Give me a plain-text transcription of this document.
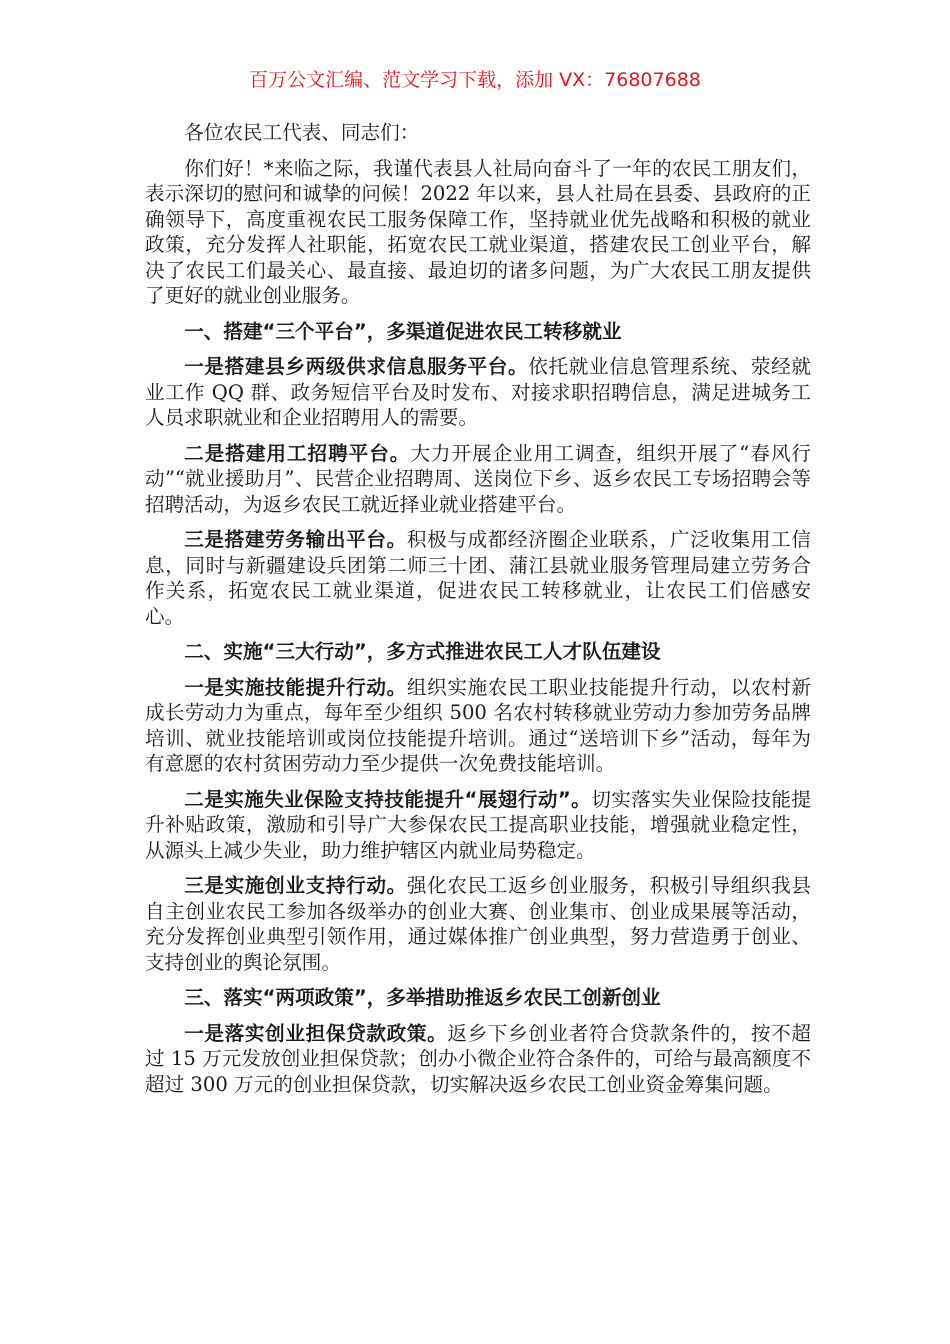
百万公文汇编、范文学习下载，添加 VX：76807688

各位农民工代表、同志们：

你们好！*来临之际，我谨代表县人社局向奋斗了一年的农民工朋友们，表示深切的慰问和诚挚的问候！2022 年以来，县人社局在县委、县政府的正确领导下，高度重视农民工服务保障工作，坚持就业优先战略和积极的就业政策，充分发挥人社职能，拓宽农民工就业渠道，搭建农民工创业平台，解决了农民工们最关心、最直接、最迫切的诸多问题，为广大农民工朋友提供了更好的就业创业服务。

一、搭建“三个平台”，多渠道促进农民工转移就业

一是搭建县乡两级供求信息服务平台。依托就业信息管理系统、荥经就业工作 QQ 群、政务短信平台及时发布、对接求职招聘信息，满足进城务工人员求职就业和企业招聘用人的需要。

二是搭建用工招聘平台。大力开展企业用工调查，组织开展了“春风行动”“就业援助月”、民营企业招聘周、送岗位下乡、返乡农民工专场招聘会等招聘活动，为返乡农民工就近择业就业搭建平台。

三是搭建劳务输出平台。积极与成都经济圈企业联系，广泛收集用工信息，同时与新疆建设兵团第二师三十团、蒲江县就业服务管理局建立劳务合作关系，拓宽农民工就业渠道，促进农民工转移就业，让农民工们倍感安心。

二、实施“三大行动”，多方式推进农民工人才队伍建设

一是实施技能提升行动。组织实施农民工职业技能提升行动，以农村新成长劳动力为重点，每年至少组织 500 名农村转移就业劳动力参加劳务品牌培训、就业技能培训或岗位技能提升培训。通过“送培训下乡”活动，每年为有意愿的农村贫困劳动力至少提供一次免费技能培训。

二是实施失业保险支持技能提升“展翅行动”。切实落实失业保险技能提升补贴政策，激励和引导广大参保农民工提高职业技能，增强就业稳定性，从源头上减少失业，助力维护辖区内就业局势稳定。

三是实施创业支持行动。强化农民工返乡创业服务，积极引导组织我县自主创业农民工参加各级举办的创业大赛、创业集市、创业成果展等活动，充分发挥创业典型引领作用，通过媒体推广创业典型，努力营造勇于创业、支持创业的舆论氛围。

三、落实“两项政策”，多举措助推返乡农民工创新创业

一是落实创业担保贷款政策。返乡下乡创业者符合贷款条件的，按不超过 15 万元发放创业担保贷款；创办小微企业符合条件的，可给与最高额度不超过 300 万元的创业担保贷款，切实解决返乡农民工创业资金筹集问题。
